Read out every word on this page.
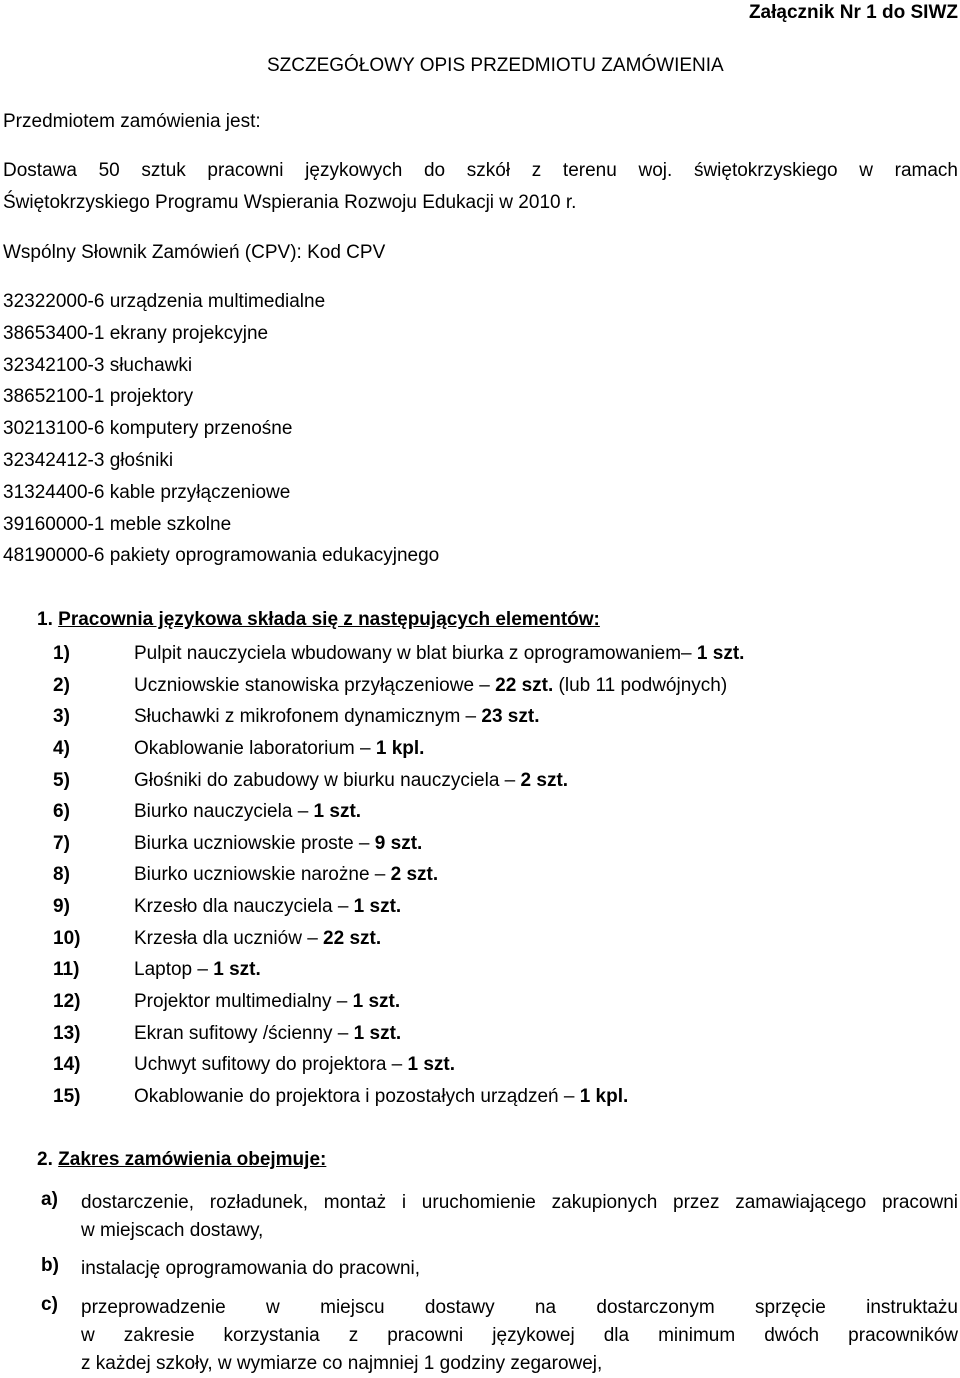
Załącznik Nr 1 do SIWZ
SZCZEGÓŁOWY OPIS PRZEDMIOTU ZAMÓWIENIA
Przedmiotem zamówienia jest:
Dostawa 50 sztuk pracowni językowych do szkół z terenu woj. świętokrzyskiego w ramach
Świętokrzyskiego Programu Wspierania Rozwoju Edukacji w 2010 r.
Wspólny Słownik Zamówień (CPV): Kod CPV
32322000-6 urządzenia multimedialne
38653400-1 ekrany projekcyjne
32342100-3 słuchawki
38652100-1 projektory
30213100-6 komputery przenośne
32342412-3 głośniki
31324400-6 kable przyłączeniowe
39160000-1 meble szkolne
48190000-6 pakiety oprogramowania edukacyjnego
1. Pracownia językowa składa się z następujących elementów:
1)	Pulpit nauczyciela wbudowany w blat biurka z oprogramowaniem– 1 szt.
2)	Uczniowskie stanowiska przyłączeniowe – 22 szt. (lub 11 podwójnych)
3)	Słuchawki z mikrofonem dynamicznym – 23 szt.
4)	Okablowanie laboratorium – 1 kpl.
5)	Głośniki do zabudowy w biurku nauczyciela – 2 szt.
6)	Biurko nauczyciela – 1 szt.
7)	Biurka uczniowskie proste – 9 szt.
8)	Biurko uczniowskie narożne – 2 szt.
9)	Krzesło dla nauczyciela – 1 szt.
10)	Krzesła dla uczniów – 22 szt.
11)	Laptop – 1 szt.
12)	Projektor multimedialny – 1 szt.
13)	Ekran sufitowy /ścienny – 1 szt.
14)	Uchwyt sufitowy do projektora – 1 szt.
15)	Okablowanie do projektora i pozostałych urządzeń – 1 kpl.
2. Zakres zamówienia obejmuje:
a) dostarczenie, rozładunek, montaż i uruchomienie zakupionych przez zamawiającego pracowni
w miejscach dostawy,
b) instalację oprogramowania do pracowni,
c) przeprowadzenie w miejscu dostawy na dostarczonym sprzęcie instruktażu
w zakresie korzystania z pracowni językowej dla minimum dwóch pracowników
z każdej szkoły, w wymiarze co najmniej 1 godziny zegarowej,
